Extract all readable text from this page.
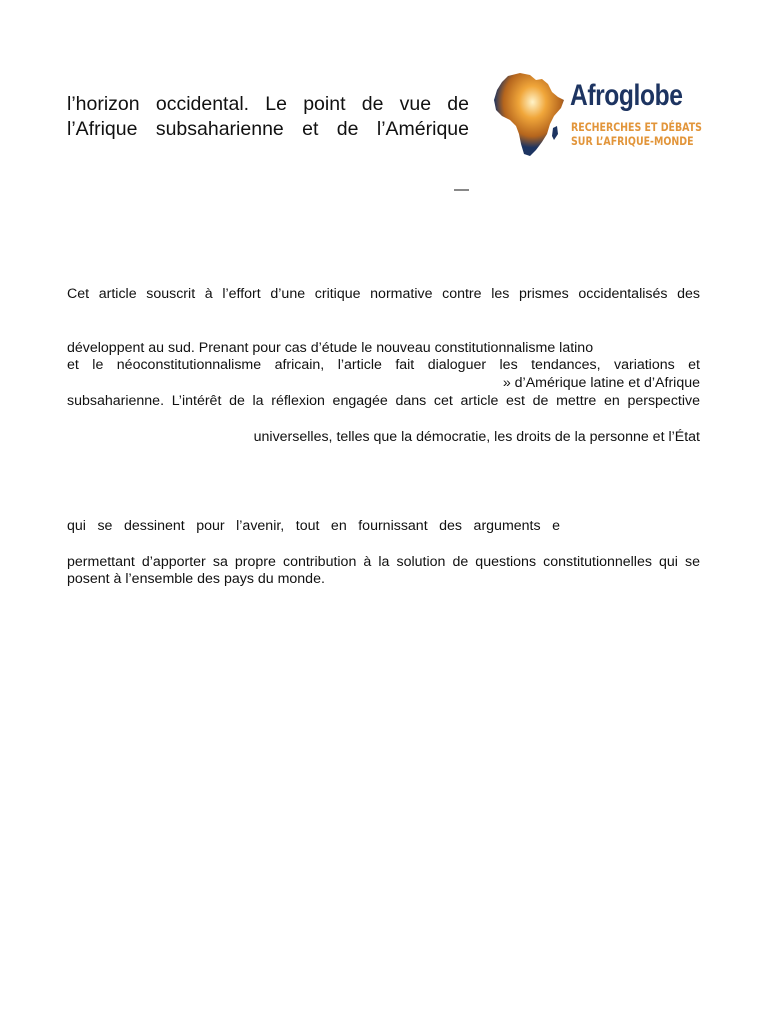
l’horizon occidental. Le point de vue de
l’Afrique subsaharienne et de l’Amérique
Afroglobe
RECHERCHES ET DÉBATS
SUR L’AFRIQUE-MONDE
—
Cet article souscrit à l’effort d’une critique normative contre les prismes occidentalisés des
développent au sud. Prenant pour cas d’étude le nouveau constitutionnalisme latino
et le néoconstitutionnalisme africain, l’article fait dialoguer les tendances, variations et
» d’Amérique latine et d’Afrique
subsaharienne. L’intérêt de la réflexion engagée dans cet article est de mettre en perspective
universelles, telles que la démocratie, les droits de la personne et l’État
qui se dessinent pour l’avenir, tout en fournissant des arguments e
permettant d’apporter sa propre contribution à la solution de questions constitutionnelles qui se
posent à l’ensemble des pays du monde.
